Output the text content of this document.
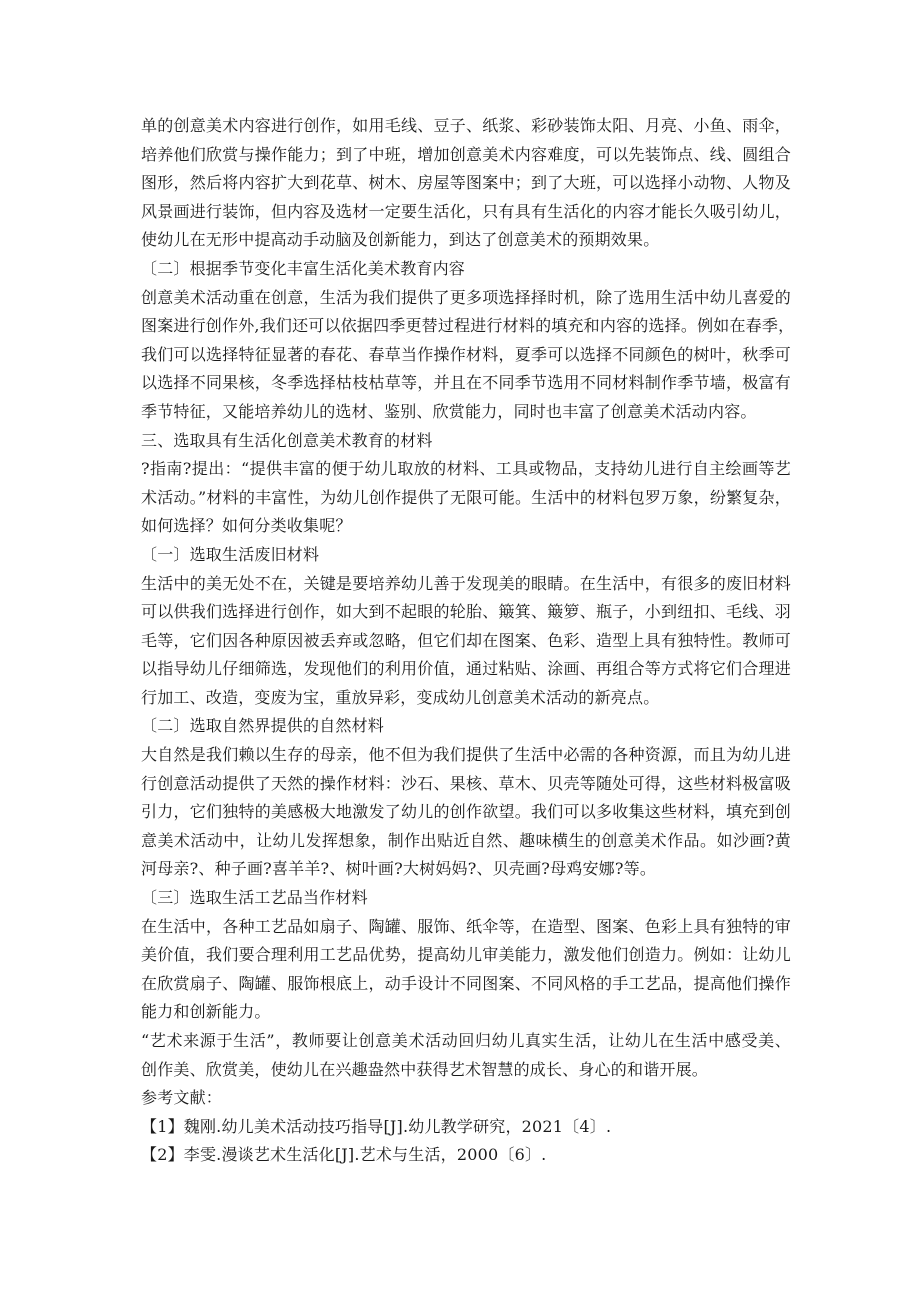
单的创意美术内容进行创作，如用毛线、豆子、纸浆、彩砂装饰太阳、月亮、小鱼、雨伞，
培养他们欣赏与操作能力；到了中班，增加创意美术内容难度，可以先装饰点、线、圆组合
图形，然后将内容扩大到花草、树木、房屋等图案中；到了大班，可以选择小动物、人物及
风景画进行装饰，但内容及选材一定要生活化，只有具有生活化的内容才能长久吸引幼儿，
使幼儿在无形中提高动手动脑及创新能力，到达了创意美术的预期效果。
〔二〕根据季节变化丰富生活化美术教育内容
创意美术活动重在创意，生活为我们提供了更多项选择择时机，除了选用生活中幼儿喜爱的
图案进行创作外,我们还可以依据四季更替过程进行材料的填充和内容的选择。例如在春季，
我们可以选择特征显著的春花、春草当作操作材料，夏季可以选择不同颜色的树叶，秋季可
以选择不同果核，冬季选择枯枝枯草等，并且在不同季节选用不同材料制作季节墙，极富有
季节特征，又能培养幼儿的选材、鉴别、欣赏能力，同时也丰富了创意美术活动内容。
三、选取具有生活化创意美术教育的材料
?指南?提出：“提供丰富的便于幼儿取放的材料、工具或物品，支持幼儿进行自主绘画等艺
术活动。”材料的丰富性，为幼儿创作提供了无限可能。生活中的材料包罗万象，纷繁复杂，
如何选择？如何分类收集呢？
〔一〕选取生活废旧材料
生活中的美无处不在，关键是要培养幼儿善于发现美的眼睛。在生活中，有很多的废旧材料
可以供我们选择进行创作，如大到不起眼的轮胎、簸箕、簸箩、瓶子，小到纽扣、毛线、羽
毛等，它们因各种原因被丢弃或忽略，但它们却在图案、色彩、造型上具有独特性。教师可
以指导幼儿仔细筛选，发现他们的利用价值，通过粘贴、涂画、再组合等方式将它们合理进
行加工、改造，变废为宝，重放异彩，变成幼儿创意美术活动的新亮点。
〔二〕选取自然界提供的自然材料
大自然是我们赖以生存的母亲，他不但为我们提供了生活中必需的各种资源，而且为幼儿进
行创意活动提供了天然的操作材料：沙石、果核、草木、贝壳等随处可得，这些材料极富吸
引力，它们独特的美感极大地激发了幼儿的创作欲望。我们可以多收集这些材料，填充到创
意美术活动中，让幼儿发挥想象，制作出贴近自然、趣味横生的创意美术作品。如沙画?黄
河母亲?、种子画?喜羊羊?、树叶画?大树妈妈?、贝壳画?母鸡安娜?等。
〔三〕选取生活工艺品当作材料
在生活中，各种工艺品如扇子、陶罐、服饰、纸伞等，在造型、图案、色彩上具有独特的审
美价值，我们要合理利用工艺品优势，提高幼儿审美能力，激发他们创造力。例如：让幼儿
在欣赏扇子、陶罐、服饰根底上，动手设计不同图案、不同风格的手工艺品，提高他们操作
能力和创新能力。
“艺术来源于生活”，教师要让创意美术活动回归幼儿真实生活，让幼儿在生活中感受美、
创作美、欣赏美，使幼儿在兴趣盎然中获得艺术智慧的成长、身心的和谐开展。
参考文献：
【1】魏刚.幼儿美术活动技巧指导[J].幼儿教学研究，2021〔4〕.
【2】李雯.漫谈艺术生活化[J].艺术与生活，2000〔6〕.
